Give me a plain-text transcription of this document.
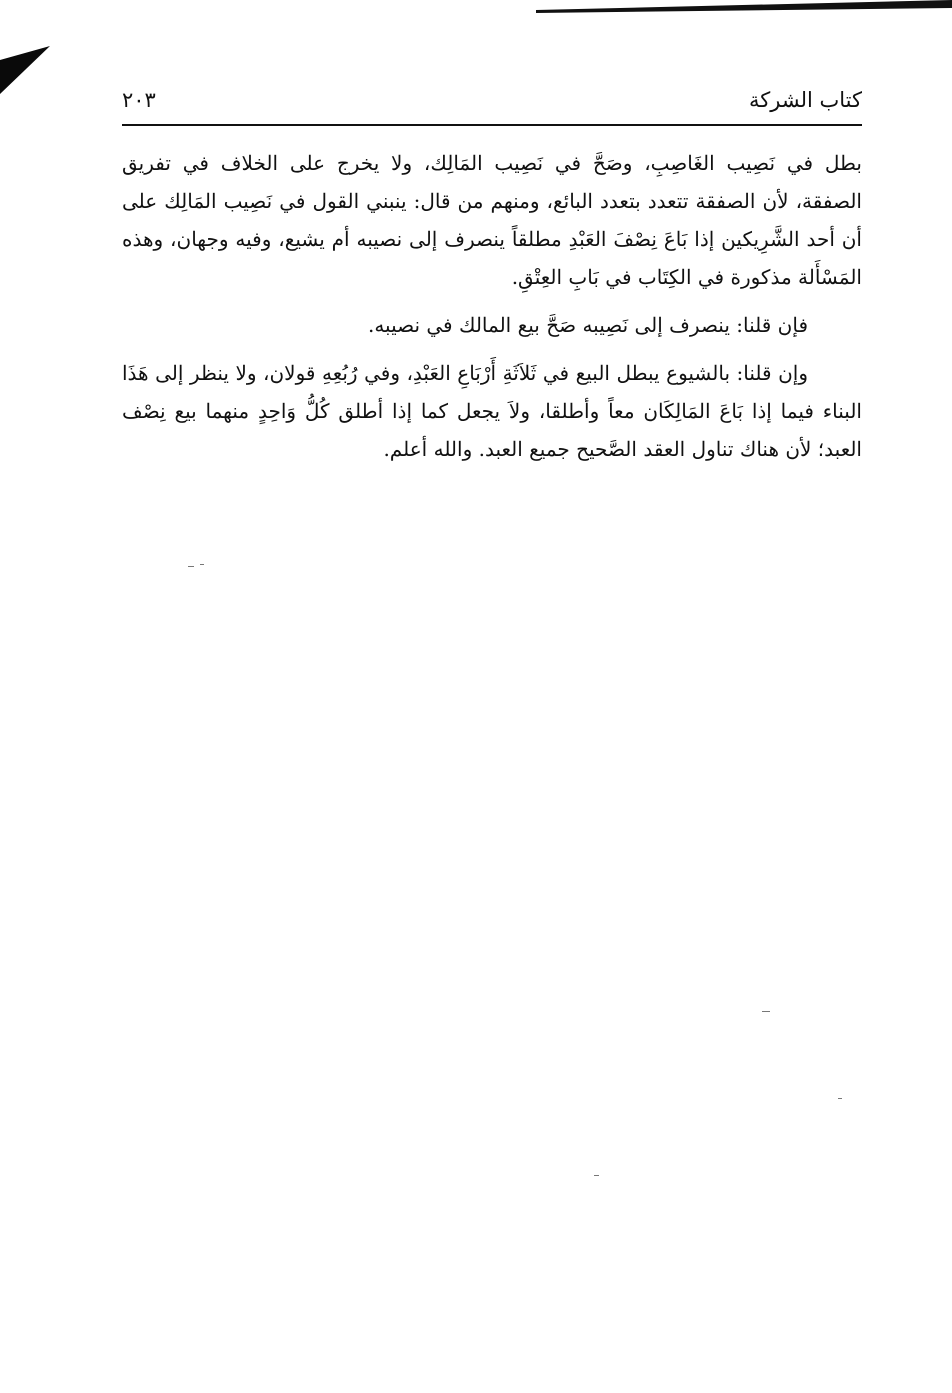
كتاب الشركة
٢٠٣

بطل في نَصِيب الغَاصِبِ، وصَحَّ في نَصِيب المَالِك، ولا يخرج على الخلاف في تفريق الصفقة، لأن الصفقة تتعدد بتعدد البائع، ومنهم من قال: ينبني القول في نَصِيب المَالِك على أن أحد الشَّرِيكين إذا بَاعَ نِصْفَ العَبْدِ مطلقاً ينصرف إلى نصيبه أم يشيع، وفيه وجهان، وهذه المَسْأَلة مذكورة في الكِتَاب في بَابِ العِتْقِ.

فإن قلنا: ينصرف إلى نَصِيبه صَحَّ بيع المالك في نصيبه.

وإن قلنا: بالشيوع يبطل البيع في ثَلاَثَةِ أَرْبَاعِ العَبْدِ، وفي رُبُعِهِ قولان، ولا ينظر إلى هَذَا البناء فيما إذا بَاعَ المَالِكَان معاً وأطلقا، ولاَ يجعل كما إذا أطلق كُلُّ وَاحِدٍ منهما بيع نِصْف العبد؛ لأن هناك تناول العقد الصَّحيح جميع العبد. والله أعلم.
